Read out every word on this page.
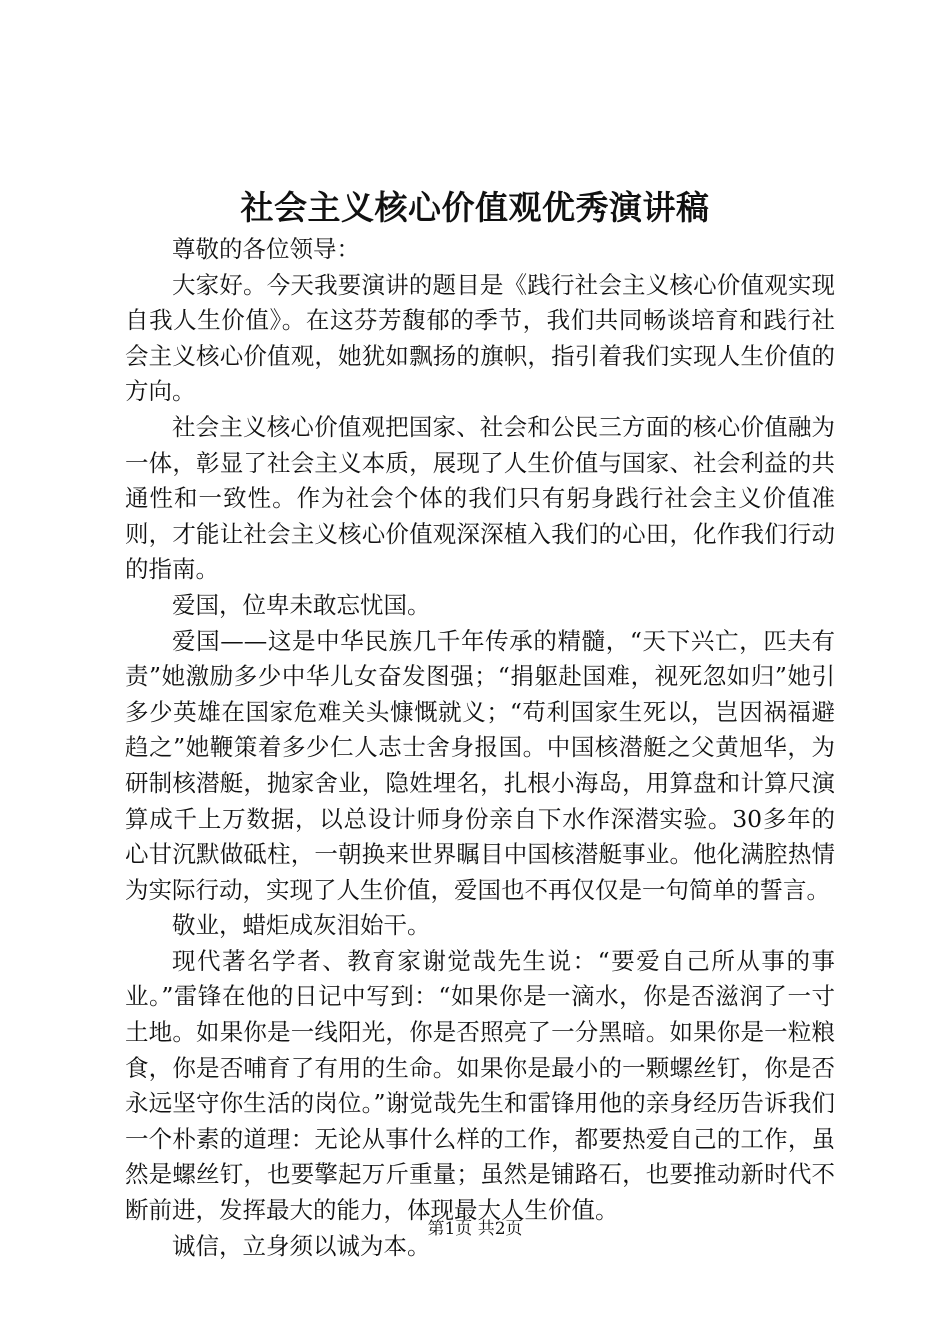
社会主义核心价值观优秀演讲稿

尊敬的各位领导：

大家好。今天我要演讲的题目是《践行社会主义核心价值观实现自我人生价值》。在这芬芳馥郁的季节，我们共同畅谈培育和践行社会主义核心价值观，她犹如飘扬的旗帜，指引着我们实现人生价值的方向。

社会主义核心价值观把国家、社会和公民三方面的核心价值融为一体，彰显了社会主义本质，展现了人生价值与国家、社会利益的共通性和一致性。作为社会个体的我们只有躬身践行社会主义价值准则，才能让社会主义核心价值观深深植入我们的心田，化作我们行动的指南。

爱国，位卑未敢忘忧国。

爱国——这是中华民族几千年传承的精髓，“天下兴亡，匹夫有责”她激励多少中华儿女奋发图强；“捐躯赴国难，视死忽如归”她引多少英雄在国家危难关头慷慨就义；“苟利国家生死以，岂因祸福避趋之”她鞭策着多少仁人志士舍身报国。中国核潜艇之父黄旭华，为研制核潜艇，抛家舍业，隐姓埋名，扎根小海岛，用算盘和计算尺演算成千上万数据，以总设计师身份亲自下水作深潜实验。30多年的心甘沉默做砥柱，一朝换来世界瞩目中国核潜艇事业。他化满腔热情为实际行动，实现了人生价值，爱国也不再仅仅是一句简单的誓言。

敬业，蜡炬成灰泪始干。

现代著名学者、教育家谢觉哉先生说：“要爱自己所从事的事业。”雷锋在他的日记中写到：“如果你是一滴水，你是否滋润了一寸土地。如果你是一线阳光，你是否照亮了一分黑暗。如果你是一粒粮食，你是否哺育了有用的生命。如果你是最小的一颗螺丝钉，你是否永远坚守你生活的岗位。”谢觉哉先生和雷锋用他的亲身经历告诉我们一个朴素的道理：无论从事什么样的工作，都要热爱自己的工作，虽然是螺丝钉，也要擎起万斤重量；虽然是铺路石，也要推动新时代不断前进，发挥最大的能力，体现最大人生价值。

诚信，立身须以诚为本。

第1页 共2页
